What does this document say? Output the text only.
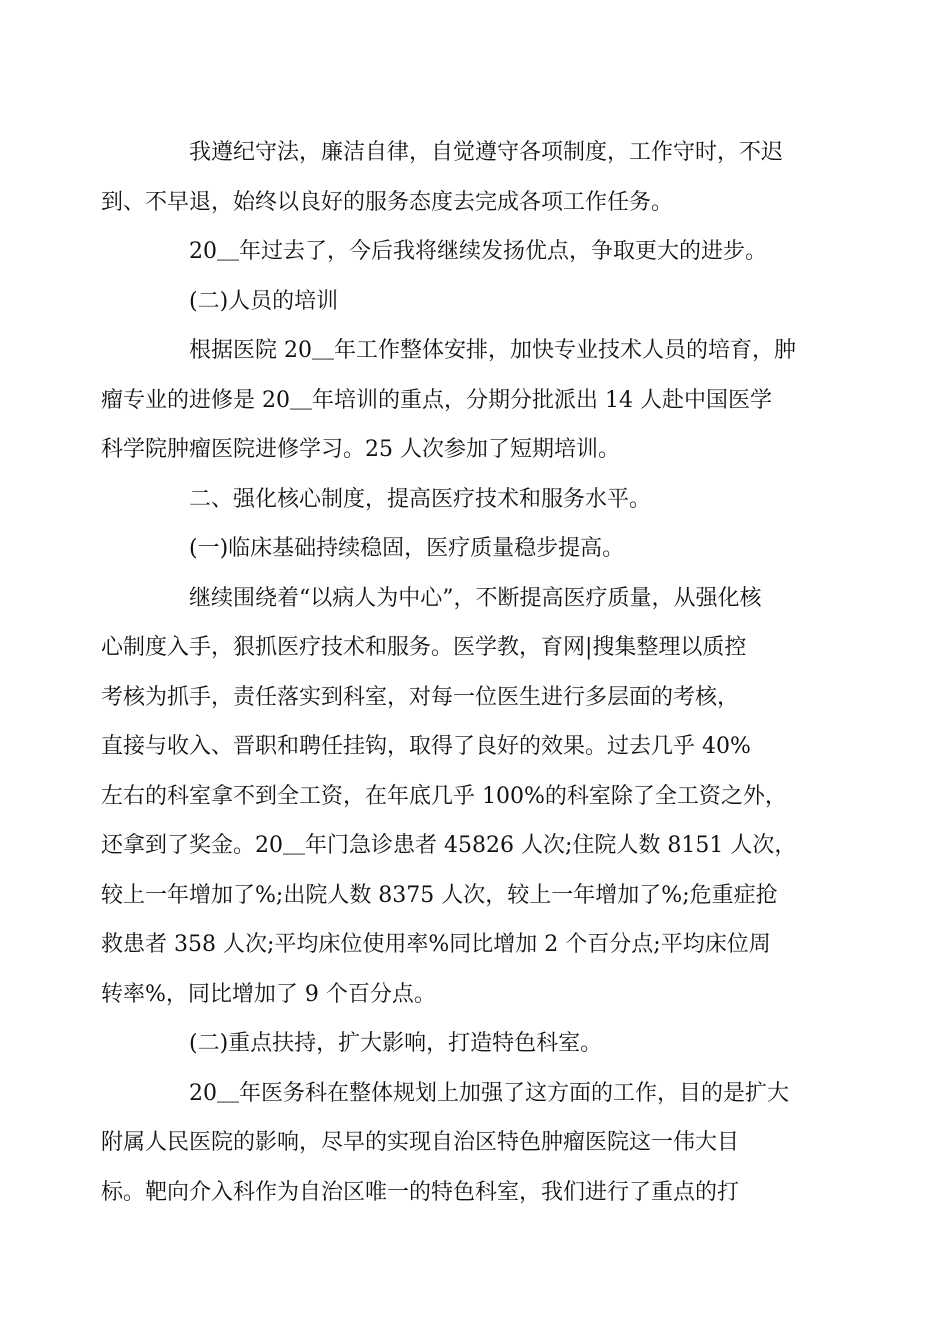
我遵纪守法，廉洁自律，自觉遵守各项制度，工作守时，不迟
到、不早退，始终以良好的服务态度去完成各项工作任务。

20＿年过去了，今后我将继续发扬优点，争取更大的进步。

(二)人员的培训

根据医院 20＿年工作整体安排，加快专业技术人员的培育，肿
瘤专业的进修是 20＿年培训的重点，分期分批派出 14 人赴中国医学
科学院肿瘤医院进修学习。25 人次参加了短期培训。

二、强化核心制度，提高医疗技术和服务水平。

(一)临床基础持续稳固，医疗质量稳步提高。

继续围绕着“以病人为中心”，不断提高医疗质量，从强化核
心制度入手，狠抓医疗技术和服务。医学教，育网|搜集整理以质控
考核为抓手，责任落实到科室，对每一位医生进行多层面的考核，
直接与收入、晋职和聘任挂钩，取得了良好的效果。过去几乎 40%
左右的科室拿不到全工资，在年底几乎 100%的科室除了全工资之外，
还拿到了奖金。20＿年门急诊患者 45826 人次;住院人数 8151 人次，
较上一年增加了%;出院人数 8375 人次，较上一年增加了%;危重症抢
救患者 358 人次;平均床位使用率%同比增加 2 个百分点;平均床位周
转率%，同比增加了 9 个百分点。

(二)重点扶持，扩大影响，打造特色科室。

20＿年医务科在整体规划上加强了这方面的工作，目的是扩大
附属人民医院的影响，尽早的实现自治区特色肿瘤医院这一伟大目
标。靶向介入科作为自治区唯一的特色科室，我们进行了重点的打
